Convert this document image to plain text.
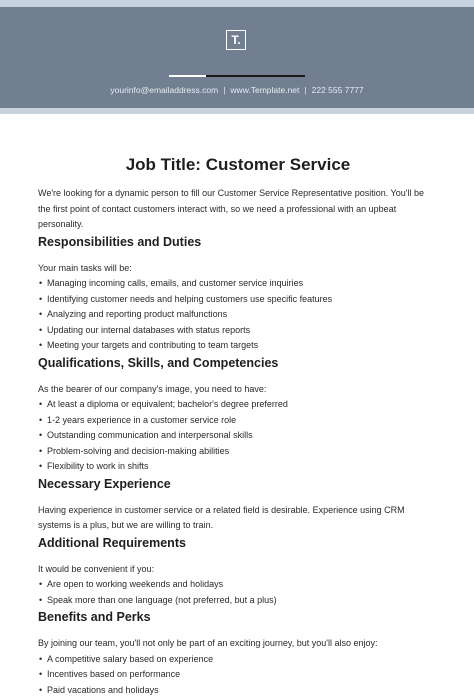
T.
yourinfo@emailaddress.com | www.Template.net | 222 555 7777
Job Title: Customer Service

We're looking for a dynamic person to fill our Customer Service Representative position. You'll be the first point of contact customers interact with, so we need a professional with an upbeat personality.

Responsibilities and Duties

Your main tasks will be:

• Managing incoming calls, emails, and customer service inquiries
• Identifying customer needs and helping customers use specific features
• Analyzing and reporting product malfunctions
• Updating our internal databases with status reports
• Meeting your targets and contributing to team targets
Qualifications, Skills, and Competencies

As the bearer of our company's image, you need to have:

• At least a diploma or equivalent; bachelor's degree preferred
• 1-2 years experience in a customer service role
• Outstanding communication and interpersonal skills
• Problem-solving and decision-making abilities
• Flexibility to work in shifts
Necessary Experience

Having experience in customer service or a related field is desirable. Experience using CRM systems is a plus, but we are willing to train.

Additional Requirements

It would be convenient if you:

• Are open to working weekends and holidays
• Speak more than one language (not preferred, but a plus)
Benefits and Perks

By joining our team, you'll not only be part of an exciting journey, but you'll also enjoy:

• A competitive salary based on experience
• Incentives based on performance
• Paid vacations and holidays
